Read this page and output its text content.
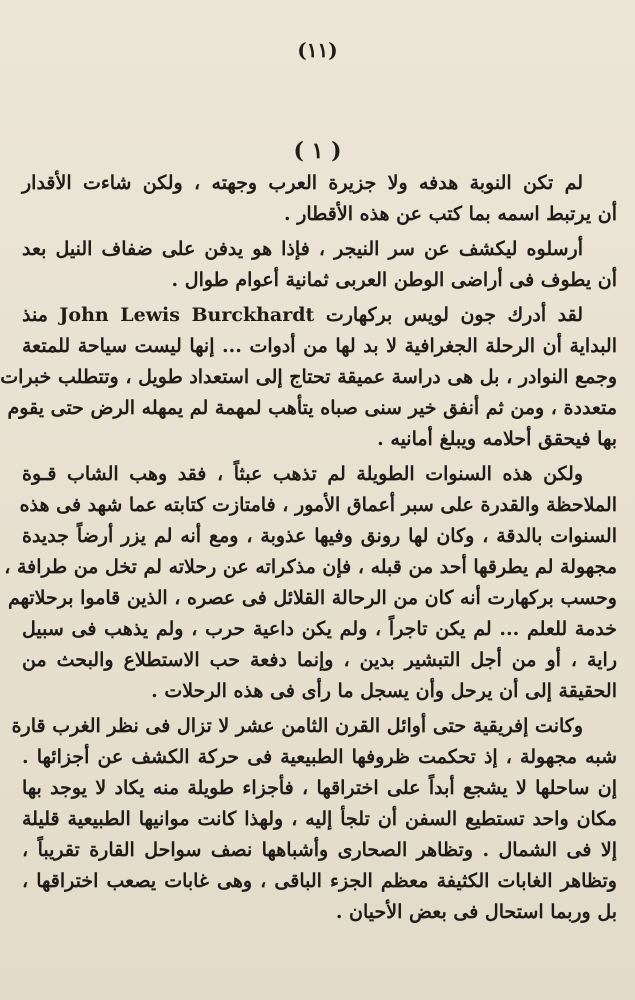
(١١)
( ١ )

لم تكن النوبة هدفه ولا جزيرة العرب وجهته ، ولكن شاءت الأقدار
أن يرتبط اسمه بما كتب عن هذه الأقطار .

أرسلوه ليكشف عن سر النيجر ، فإذا هو يدفن على ضفاف النيل بعد
أن يطوف فى أراضى الوطن العربى ثمانية أعوام طوال .

لقد أدرك جون لويس بركهارت John Lewis Burckhardt منذ
البداية أن الرحلة الجغرافية لا بد لها من أدوات ... إنها ليست سياحة للمتعة
وجمع النوادر ، بل هى دراسة عميقة تحتاج إلى استعداد طويل ، وتتطلب خبرات
متعددة ، ومن ثم أنفق خير سنى صباه يتأهب لمهمة لم يمهله الرض حتى يقوم
بها فيحقق أحلامه ويبلغ أمانيه .

ولكن هذه السنوات الطويلة لم تذهب عبثاً ، فقد وهب الشاب قـوة
الملاحظة والقدرة على سبر أعماق الأمور ، فامتازت كتابته عما شهد فى هذه
السنوات بالدقة ، وكان لها رونق وفيها عذوبة ، ومع أنه لم يزر أرضاً جديدة
مجهولة لم يطرقها أحد من قبله ، فإن مذكراته عن رحلاته لم تخل من طرافة ،
وحسب بركهارت أنه كان من الرحالة القلائل فى عصره ، الذين قاموا برحلاتهم
خدمة للعلم ... لم يكن تاجراً ، ولم يكن داعية حرب ، ولم يذهب فى سبيل
راية ، أو من أجل التبشير بدين ، وإنما دفعة حب الاستطلاع والبحث من
الحقيقة إلى أن يرحل وأن يسجل ما رأى فى هذه الرحلات .

وكانت إفريقية حتى أوائل القرن الثامن عشر لا تزال فى نظر الغرب قارة
شبه مجهولة ، إذ تحكمت ظروفها الطبيعية فى حركة الكشف عن أجزائها .
إن ساحلها لا يشجع أبداً على اختراقها ، فأجزاء طويلة منه يكاد لا يوجد بها
مكان واحد تستطيع السفن أن تلجأ إليه ، ولهذا كانت موانيها الطبيعية قليلة
إلا فى الشمال . وتظاهر الصحارى وأشباهها نصف سواحل القارة تقريباً ،
وتظاهر الغابات الكثيفة معظم الجزء الباقى ، وهى غابات يصعب اختراقها ،
بل وربما استحال فى بعض الأحيان .
